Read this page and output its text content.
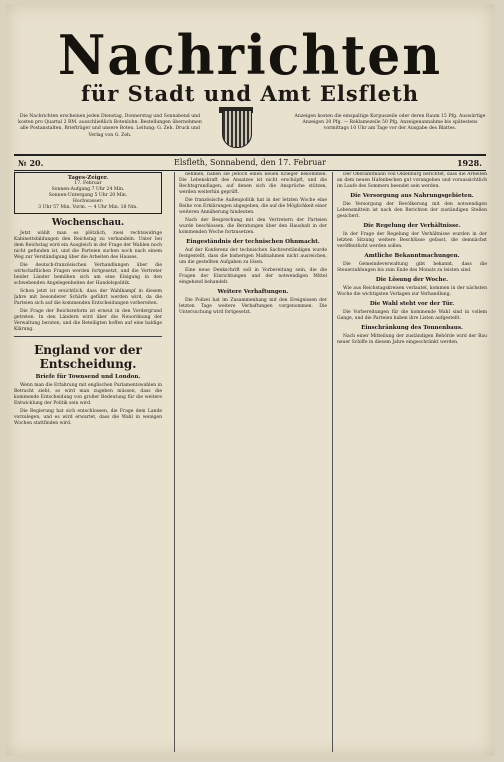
Nachrichten
für Stadt und Amt Elsfleth
Die Nachrichten erscheinen jeden Dienstag, Donnerstag und Sonnabend und kosten pro Quartal 2 RM. ausschließlich Botenlohn. Bestellungen übernehmen alle Postanstalten, Briefträger und unsere Boten. Leitung: G. Zeh. Druck und Verlag von G. Zeh.
Anzeigen kosten die einspaltige Korpuszeile oder deren Raum 15 Pfg. Auswärtige Anzeigen 20 Pfg. — Reklamezeile 50 Pfg. Anzeigenannahme bis spätestens vormittags 10 Uhr am Tage vor der Ausgabe des Blattes.
№ 20.	Elsfleth, Sonnabend, den 17. Februar	1928.
Tages-Zeiger.
17. Februar
Sonnen-Aufgang 7 Uhr 24 Min.
Sonnen-Untergang 5 Uhr 20 Min.
Hochwasser:
3 Uhr 57 Min. Vorm. — 4 Uhr Min. 18 Nm.
Wochenschau.

Jetzt wählt man es plötzlich, zwei rechtswidrige Kabinettsbildungen den Reichstag zu verhandeln. Unter bei dem Reichstag wird ein Ausgleich in der Frage der Wahlen noch nicht gefunden ist, und die Parteien suchen noch nach einem Weg zur Verständigung über die Arbeiten des Hauses.

Die deutsch-französischen Verhandlungen über die wirtschaftlichen Fragen werden fortgesetzt, und die Vertreter beider Länder bemühen sich um eine Einigung in den schwebenden Angelegenheiten der Handelspolitik.

Schon jetzt ist ersichtlich, dass der Wahlkampf in diesem Jahre mit besonderer Schärfe geführt werden wird, da die Parteien sich auf die kommenden Entscheidungen vorbereiten.

Die Frage der Reichsreform ist erneut in den Vordergrund getreten. In den Ländern wird über die Neuordnung der Verwaltung beraten, und die Beteiligten hoffen auf eine baldige Klärung.

England vor der Entscheidung.
Briefe für Townsend und London.

Wenn man die Erfahrung mit englischen Parlamentswahlen in Betracht zieht, so wird man zugeben müssen, dass die kommende Entscheidung von großer Bedeutung für die weitere Entwicklung der Politik sein wird.

Die Regierung hat sich entschlossen, die Frage dem Lande vorzulegen, und es wird erwartet, dass die Wahl in wenigen Wochen stattfinden wird.

nehmen, haben sie jedoch einen neuen Krieger bekommen. Die Lebenskraft des Ansatzes ist nicht erschöpft, und die Rechtsgrundlagen, auf denen sich die Ansprüche stützen, werden weiterhin geprüft.

Die französische Außenpolitik hat in der letzten Woche eine Reihe von Erklärungen abgegeben, die auf die Möglichkeit einer weiteren Annäherung hindeuten.

Nach der Besprechung mit den Vertretern der Parteien wurde beschlossen, die Beratungen über den Haushalt in der kommenden Woche fortzusetzen.

Eingeständnis der technischen Ohnmacht.

Auf der Konferenz der technischen Sachverständigen wurde festgestellt, dass die bisherigen Maßnahmen nicht ausreichen, um die gestellten Aufgaben zu lösen.

Eine neue Denkschrift soll in Vorbereitung sein, die die Fragen der Einrichtungen und der notwendigen Mittel eingehend behandelt.

Weitere Verhaftungen.

Die Polizei hat im Zusammenhang mit den Ereignissen der letzten Tage weitere Verhaftungen vorgenommen. Die Untersuchung wird fortgesetzt.

Der Oberamtmann von Oldenburg berichtet, dass die Arbeiten an dem neuen Hafenbecken gut vorangehen und voraussichtlich im Laufe des Sommers beendet sein werden.

Die Versorgung aus Nahrungsgebieten.

Die Versorgung der Bevölkerung mit den notwendigen Lebensmitteln ist nach den Berichten der zuständigen Stellen gesichert.

Die Regelung der Verhältnisse.

In der Frage der Regelung der Verhältnisse wurden in der letzten Sitzung weitere Beschlüsse gefasst, die demnächst veröffentlicht werden sollen.

Amtliche Bekanntmachungen.

Die Gemeindeverwaltung gibt bekannt, dass die Steuerzahlungen bis zum Ende des Monats zu leisten sind.

Die Lösung der Woche.

Wie aus Reichstagskreisen verlautet, kommen in der nächsten Woche die wichtigsten Vorlagen zur Verhandlung.

Die Wahl steht vor der Tür.

Die Vorbereitungen für die kommende Wahl sind in vollem Gange, und die Parteien haben ihre Listen aufgestellt.

Einschränkung des Tonnenbaus.

Nach einer Mitteilung der zuständigen Behörde wird der Bau neuer Schiffe in diesem Jahre eingeschränkt werden.
